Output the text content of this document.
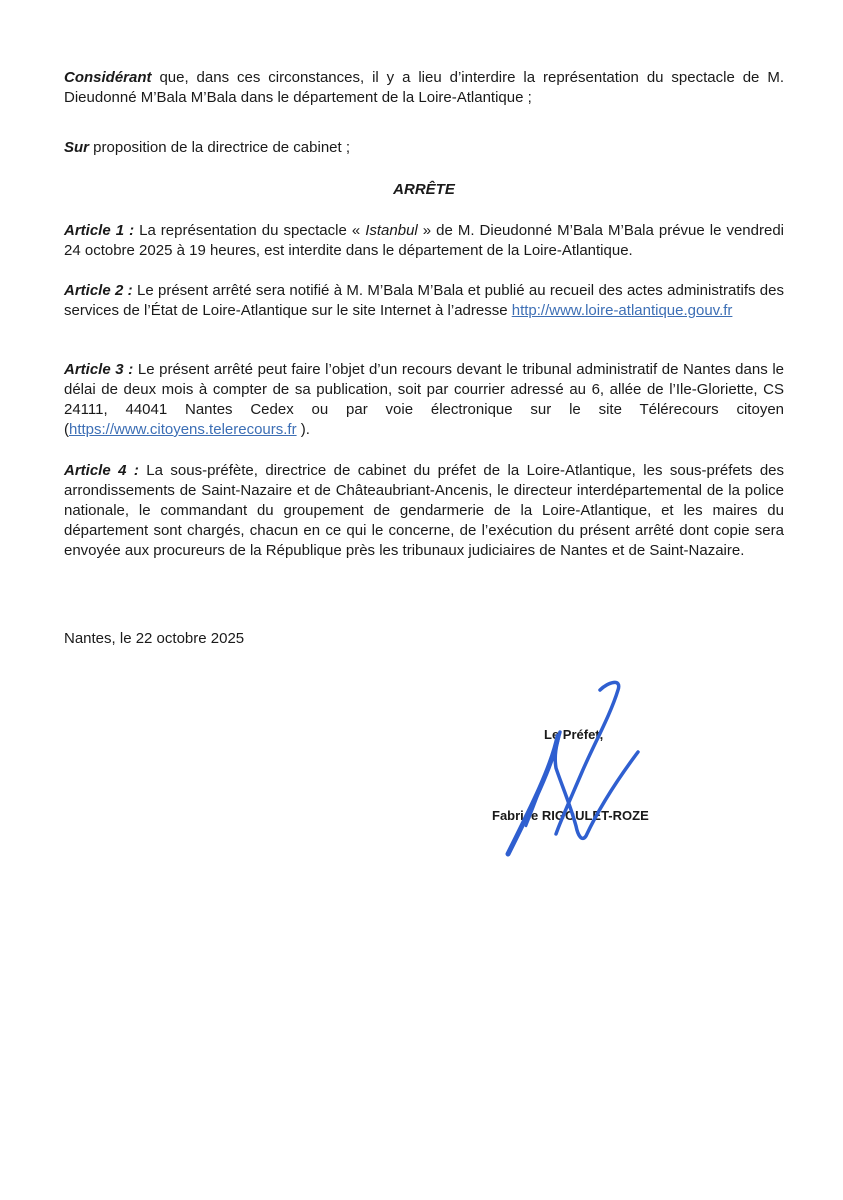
Considérant que, dans ces circonstances, il y a lieu d’interdire la représentation du spectacle de M. Dieudonné M’Bala M’Bala dans le département de la Loire-Atlantique ;

Sur proposition de la directrice de cabinet ;

ARRÊTE

Article 1 : La représentation du spectacle « Istanbul » de M. Dieudonné M’Bala M’Bala prévue le vendredi 24 octobre 2025 à 19 heures, est interdite dans le département de la Loire-Atlantique.

Article 2 : Le présent arrêté sera notifié à M. M’Bala M’Bala et publié au recueil des actes administratifs des services de l’État de Loire-Atlantique sur le site Internet à l’adresse http://www.loire-atlantique.gouv.fr

Article 3 : Le présent arrêté peut faire l’objet d’un recours devant le tribunal administratif de Nantes dans le délai de deux mois à compter de sa publication, soit par courrier adressé au 6, allée de l’Ile-Gloriette, CS 24111, 44041 Nantes Cedex ou par voie électronique sur le site Télérecours citoyen (https://www.citoyens.telerecours.fr ).

Article 4 : La sous-préfète, directrice de cabinet du préfet de la Loire-Atlantique, les sous-préfets des arrondissements de Saint-Nazaire et de Châteaubriant-Ancenis, le directeur interdépartemental de la police nationale, le commandant du groupement de gendarmerie de la Loire-Atlantique, et les maires du département sont chargés, chacun en ce qui le concerne, de l’exécution du présent arrêté dont copie sera envoyée aux procureurs de la République près les tribunaux judiciaires de Nantes et de Saint-Nazaire.

Nantes, le 22 octobre 2025
Le Préfet,
Fabrice RIGOULET-ROZE
